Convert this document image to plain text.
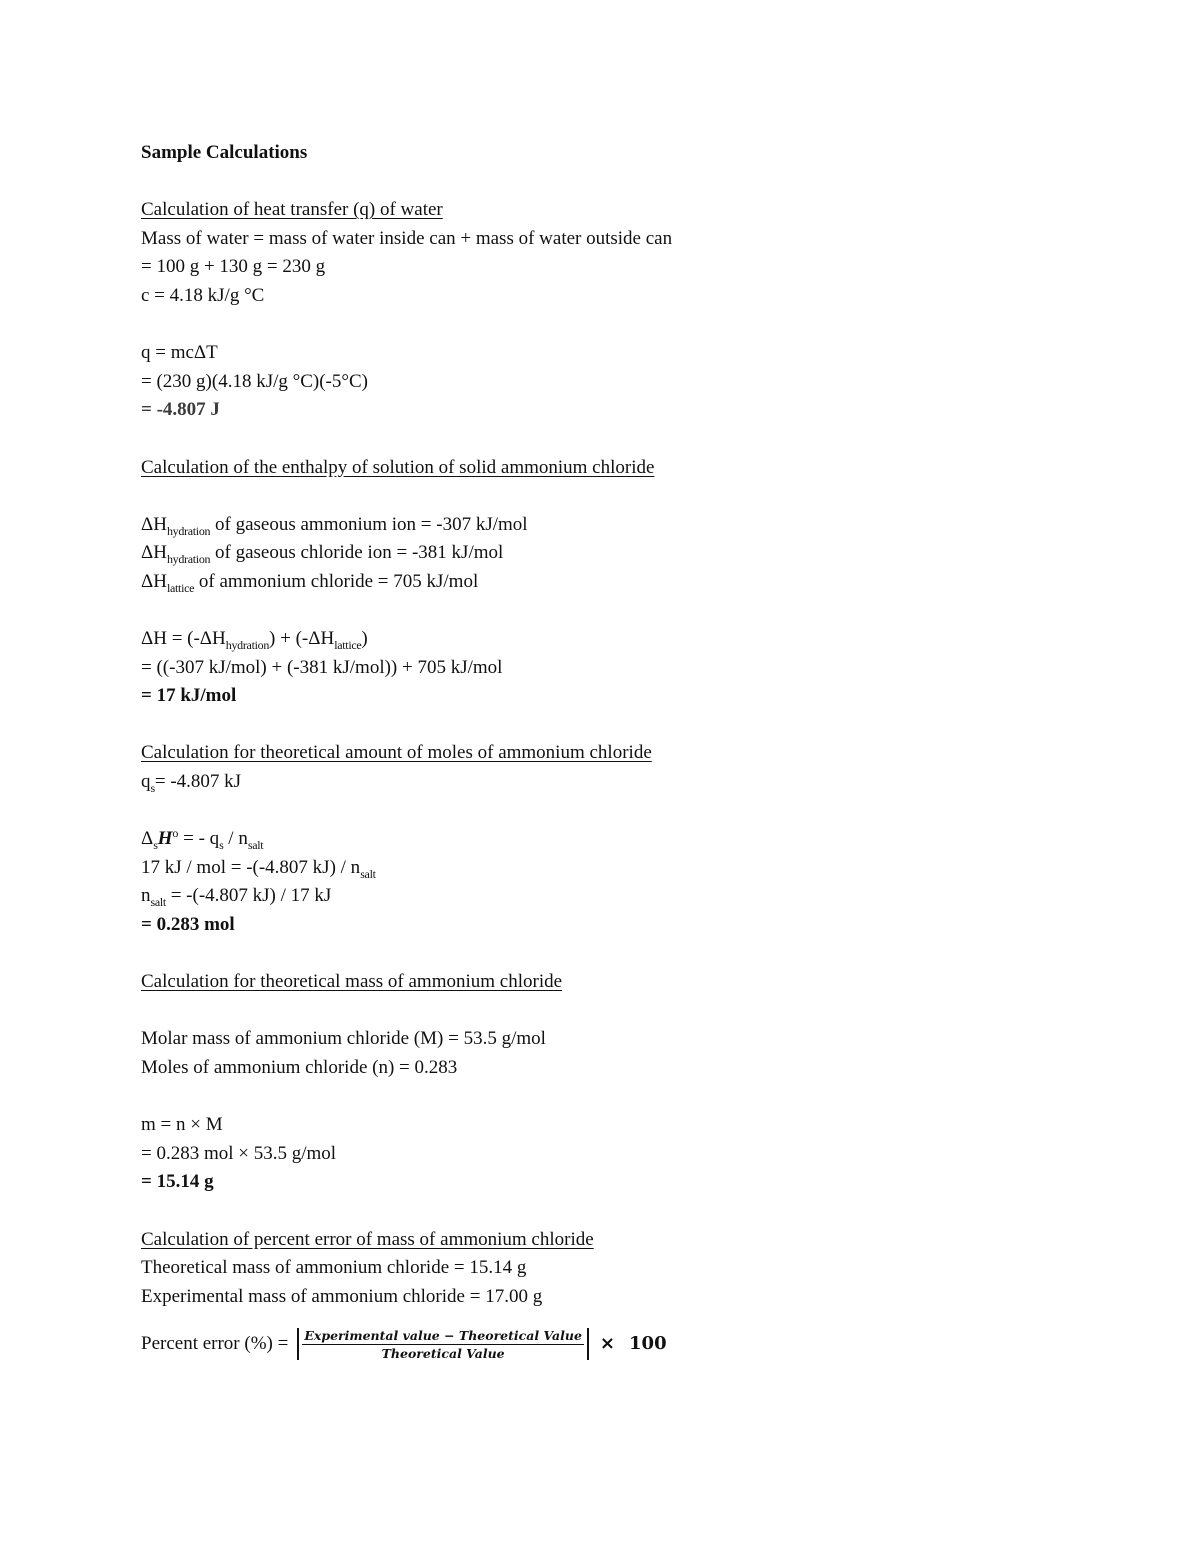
Sample Calculations
Calculation of heat transfer (q) of water
Mass of water = mass of water inside can + mass of water outside can
= 100 g + 130 g = 230 g
c = 4.18 kJ/g °C
q = mcΔT
= (230 g)(4.18 kJ/g °C)(-5°C)
= -4.807 J
Calculation of the enthalpy of solution of solid ammonium chloride
$\Delta H_{hydration}$ of gaseous ammonium ion = -307 kJ/mol
$\Delta H_{hydration}$ of gaseous chloride ion = -381 kJ/mol
$\Delta H_{lattice}$ of ammonium chloride = 705 kJ/mol
$\Delta H = (-\Delta H_{hydration}) + (-\Delta H_{lattice})$
= ((-307 kJ/mol) + (-381 kJ/mol)) + 705 kJ/mol
= 17 kJ/mol
Calculation for theoretical amount of moles of ammonium chloride
$q_s= -4.807$ kJ
$\Delta_sH^o$ = - $q_s / n_{salt}$
17 kJ / mol = -(-4.807 $kJ) / n_{salt}$
$n_{salt} = -(-4.807$ kJ) / 17 kJ
= 0.283 mol
Calculation for theoretical mass of ammonium chloride
Molar mass of ammonium chloride (M) = 53.5 g/mol
Moles of ammonium chloride (n) = 0.283
m = n × M
= 0.283 mol × 53.5 g/mol
= 15.14 g
Calculation of percent error of mass of ammonium chloride
Theoretical mass of ammonium chloride = 15.14 g
Experimental mass of ammonium chloride = 17.00 g
Percent error (%) = $\frac{\text{Experimental value − Theoretical Value}}{\text{Theoretical Value}} \times 100$
